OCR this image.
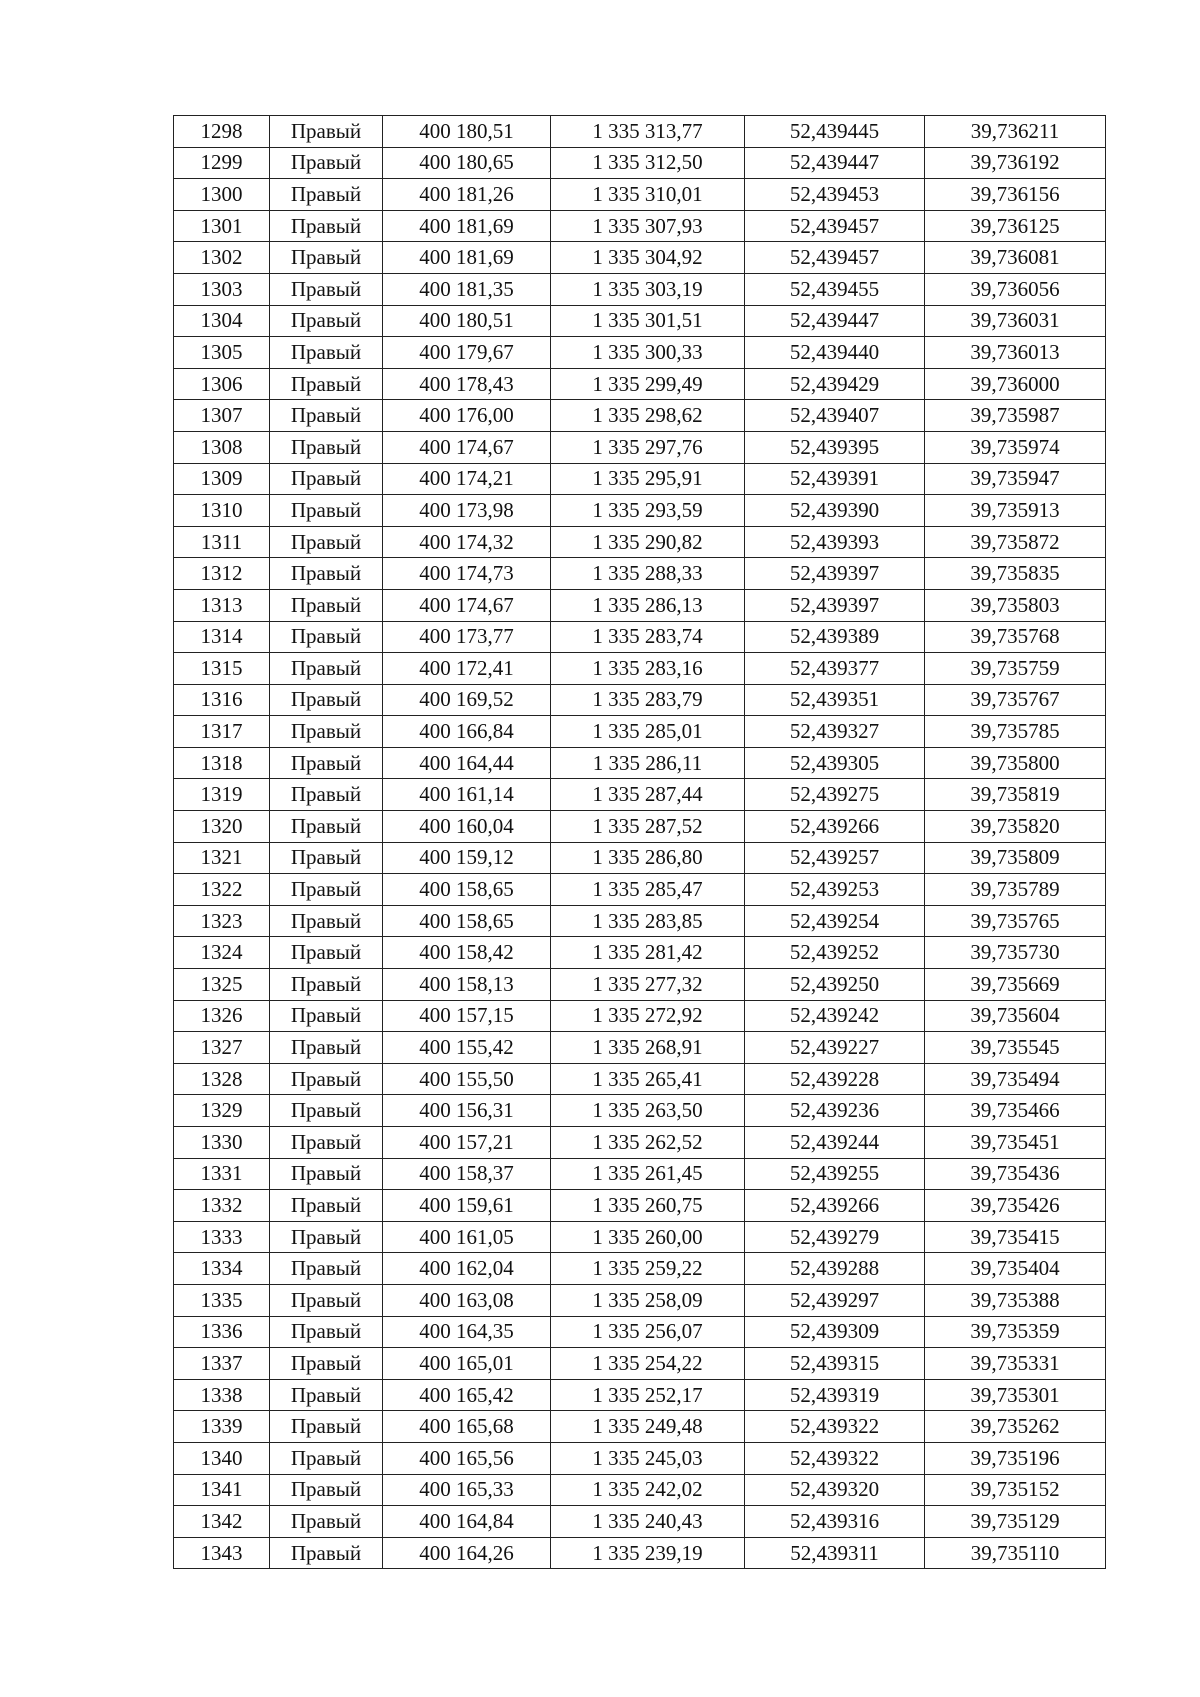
1298	Правый	400 180,51	1 335 313,77	52,439445	39,736211
1299	Правый	400 180,65	1 335 312,50	52,439447	39,736192
1300	Правый	400 181,26	1 335 310,01	52,439453	39,736156
1301	Правый	400 181,69	1 335 307,93	52,439457	39,736125
1302	Правый	400 181,69	1 335 304,92	52,439457	39,736081
1303	Правый	400 181,35	1 335 303,19	52,439455	39,736056
1304	Правый	400 180,51	1 335 301,51	52,439447	39,736031
1305	Правый	400 179,67	1 335 300,33	52,439440	39,736013
1306	Правый	400 178,43	1 335 299,49	52,439429	39,736000
1307	Правый	400 176,00	1 335 298,62	52,439407	39,735987
1308	Правый	400 174,67	1 335 297,76	52,439395	39,735974
1309	Правый	400 174,21	1 335 295,91	52,439391	39,735947
1310	Правый	400 173,98	1 335 293,59	52,439390	39,735913
1311	Правый	400 174,32	1 335 290,82	52,439393	39,735872
1312	Правый	400 174,73	1 335 288,33	52,439397	39,735835
1313	Правый	400 174,67	1 335 286,13	52,439397	39,735803
1314	Правый	400 173,77	1 335 283,74	52,439389	39,735768
1315	Правый	400 172,41	1 335 283,16	52,439377	39,735759
1316	Правый	400 169,52	1 335 283,79	52,439351	39,735767
1317	Правый	400 166,84	1 335 285,01	52,439327	39,735785
1318	Правый	400 164,44	1 335 286,11	52,439305	39,735800
1319	Правый	400 161,14	1 335 287,44	52,439275	39,735819
1320	Правый	400 160,04	1 335 287,52	52,439266	39,735820
1321	Правый	400 159,12	1 335 286,80	52,439257	39,735809
1322	Правый	400 158,65	1 335 285,47	52,439253	39,735789
1323	Правый	400 158,65	1 335 283,85	52,439254	39,735765
1324	Правый	400 158,42	1 335 281,42	52,439252	39,735730
1325	Правый	400 158,13	1 335 277,32	52,439250	39,735669
1326	Правый	400 157,15	1 335 272,92	52,439242	39,735604
1327	Правый	400 155,42	1 335 268,91	52,439227	39,735545
1328	Правый	400 155,50	1 335 265,41	52,439228	39,735494
1329	Правый	400 156,31	1 335 263,50	52,439236	39,735466
1330	Правый	400 157,21	1 335 262,52	52,439244	39,735451
1331	Правый	400 158,37	1 335 261,45	52,439255	39,735436
1332	Правый	400 159,61	1 335 260,75	52,439266	39,735426
1333	Правый	400 161,05	1 335 260,00	52,439279	39,735415
1334	Правый	400 162,04	1 335 259,22	52,439288	39,735404
1335	Правый	400 163,08	1 335 258,09	52,439297	39,735388
1336	Правый	400 164,35	1 335 256,07	52,439309	39,735359
1337	Правый	400 165,01	1 335 254,22	52,439315	39,735331
1338	Правый	400 165,42	1 335 252,17	52,439319	39,735301
1339	Правый	400 165,68	1 335 249,48	52,439322	39,735262
1340	Правый	400 165,56	1 335 245,03	52,439322	39,735196
1341	Правый	400 165,33	1 335 242,02	52,439320	39,735152
1342	Правый	400 164,84	1 335 240,43	52,439316	39,735129
1343	Правый	400 164,26	1 335 239,19	52,439311	39,735110
